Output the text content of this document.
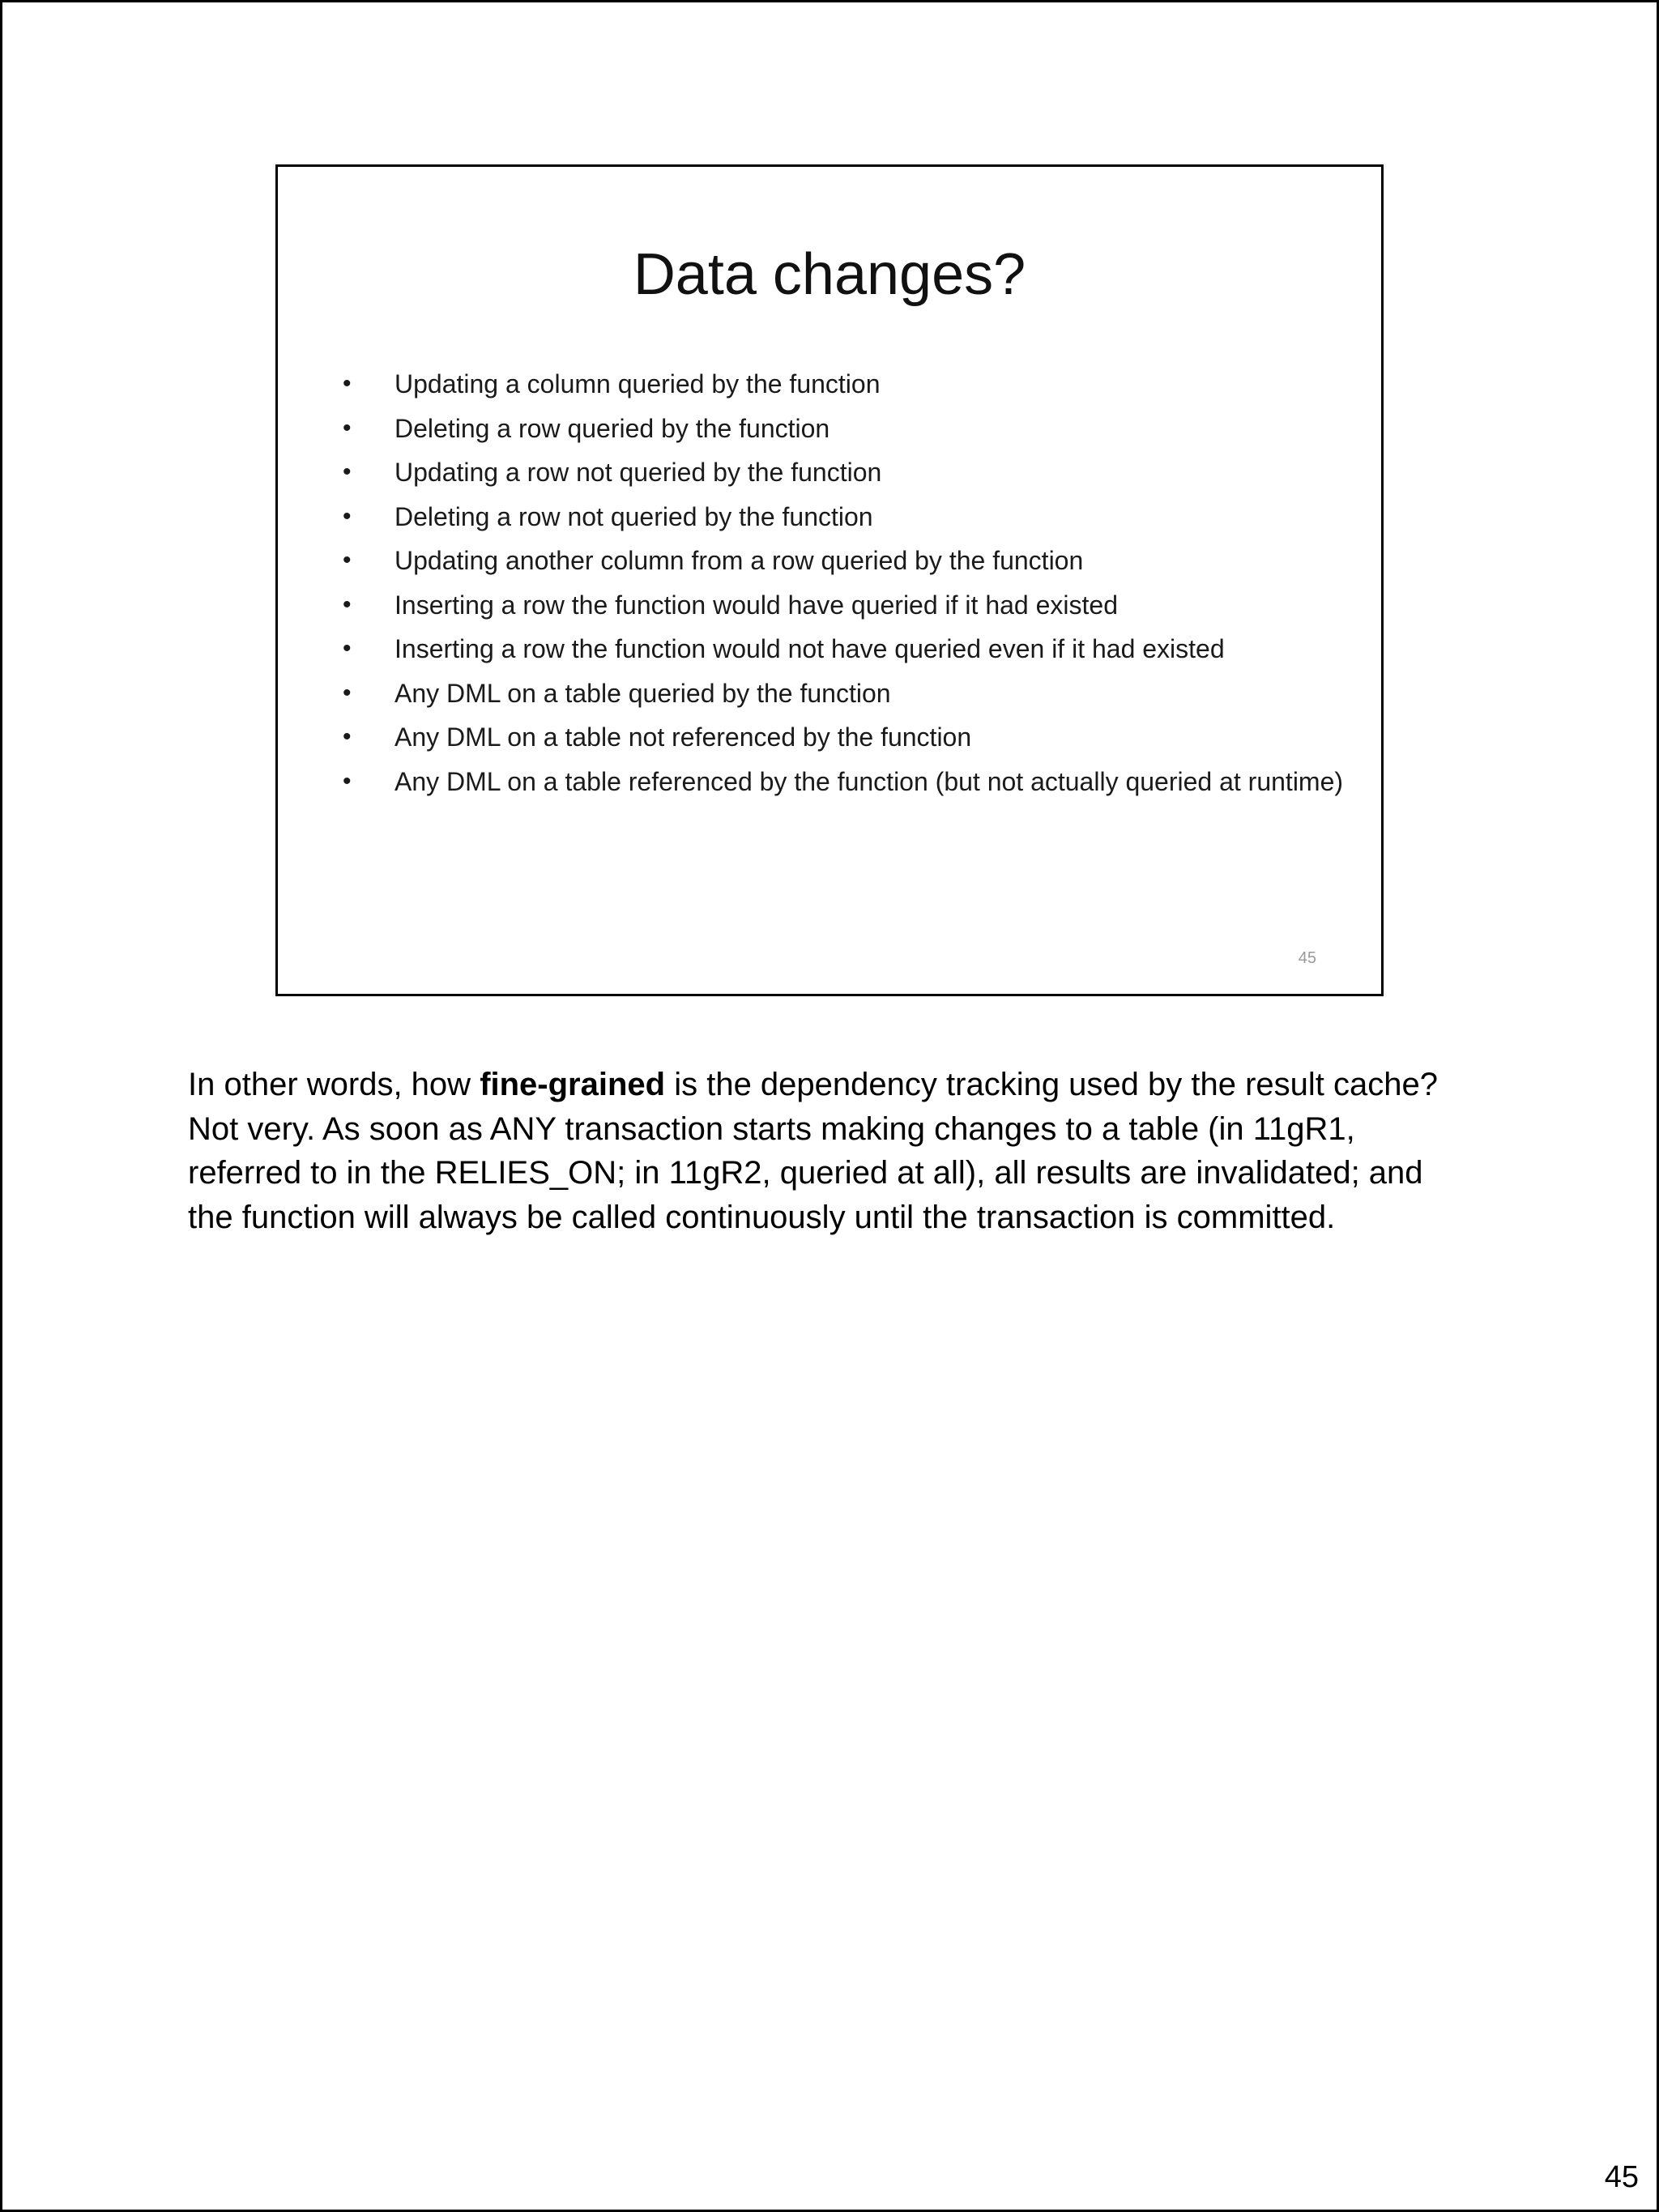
Data changes?
• Updating a column queried by the function
• Deleting a row queried by the function
• Updating a row not queried by the function
• Deleting a row not queried by the function
• Updating another column from a row queried by the function
• Inserting a row the function would have queried if it had existed
• Inserting a row the function would not have queried even if it had existed
• Any DML on a table queried by the function
• Any DML on a table not referenced by the function
• Any DML on a table referenced by the function (but not actually queried at runtime)
45

In other words, how fine-grained is the dependency tracking used by the result cache? Not very. As soon as ANY transaction starts making changes to a table (in 11gR1, referred to in the RELIES_ON; in 11gR2, queried at all), all results are invalidated; and the function will always be called continuously until the transaction is committed.

45
